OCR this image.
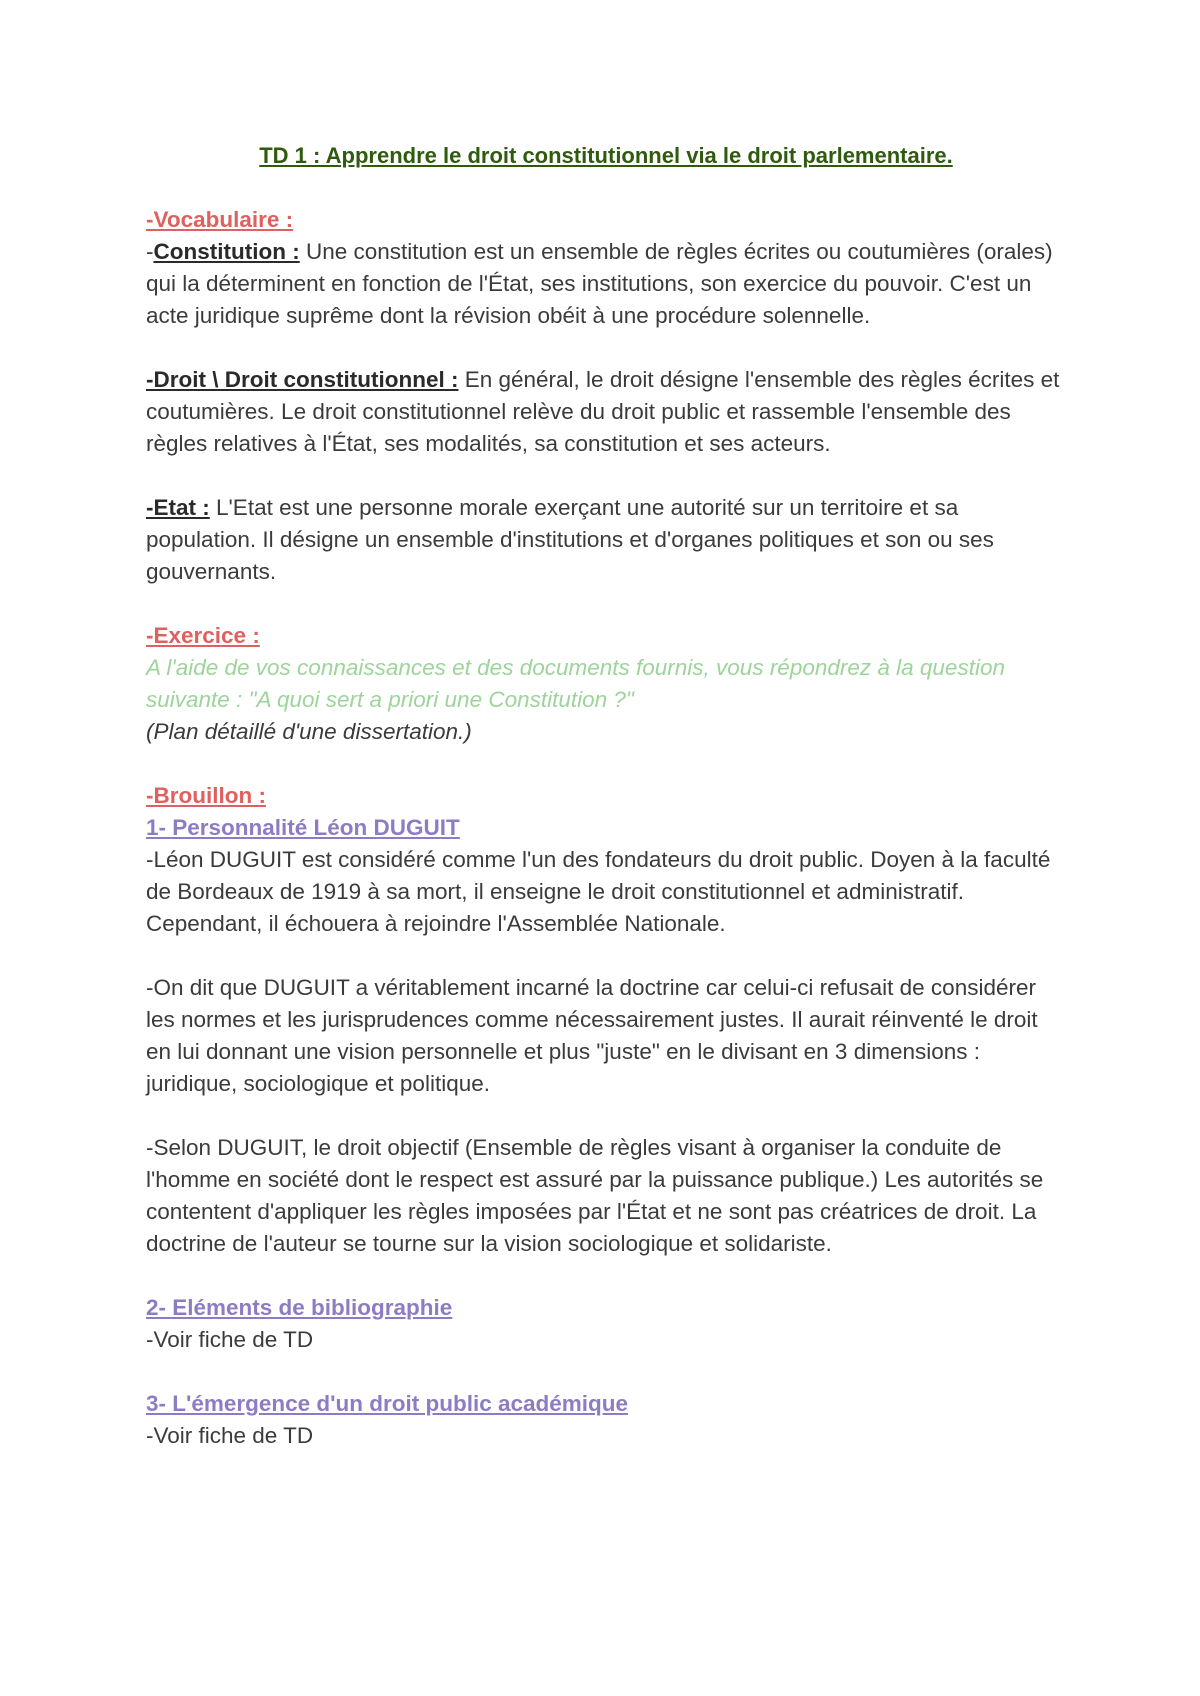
TD 1 : Apprendre le droit constitutionnel via le droit parlementaire.

-Vocabulaire :

-Constitution : Une constitution est un ensemble de règles écrites ou coutumières (orales) qui la déterminent en fonction de l'État, ses institutions, son exercice du pouvoir. C'est un acte juridique suprême dont la révision obéit à une procédure solennelle.

-Droit \ Droit constitutionnel : En général, le droit désigne l'ensemble des règles écrites et coutumières. Le droit constitutionnel relève du droit public et rassemble l'ensemble des règles relatives à l'État, ses modalités, sa constitution et ses acteurs.

-Etat : L'Etat est une personne morale exerçant une autorité sur un territoire et sa population. Il désigne un ensemble d'institutions et d'organes politiques et son ou ses gouvernants.

-Exercice :

A l'aide de vos connaissances et des documents fournis, vous répondrez à la question suivante : "A quoi sert a priori une Constitution ?"

(Plan détaillé d'une dissertation.)

-Brouillon :

1- Personnalité Léon DUGUIT

-Léon DUGUIT est considéré comme l'un des fondateurs du droit public. Doyen à la faculté de Bordeaux de 1919 à sa mort, il enseigne le droit constitutionnel et administratif. Cependant, il échouera à rejoindre l'Assemblée Nationale.

-On dit que DUGUIT a véritablement incarné la doctrine car celui-ci refusait de considérer les normes et les jurisprudences comme nécessairement justes. Il aurait réinventé le droit en lui donnant une vision personnelle et plus "juste" en le divisant en 3 dimensions : juridique, sociologique et politique.

-Selon DUGUIT, le droit objectif (Ensemble de règles visant à organiser la conduite de l'homme en société dont le respect est assuré par la puissance publique.) Les autorités se contentent d'appliquer les règles imposées par l'État et ne sont pas créatrices de droit. La doctrine de l'auteur se tourne sur la vision sociologique et solidariste.

2- Eléments de bibliographie

-Voir fiche de TD

3- L'émergence d'un droit public académique

-Voir fiche de TD
